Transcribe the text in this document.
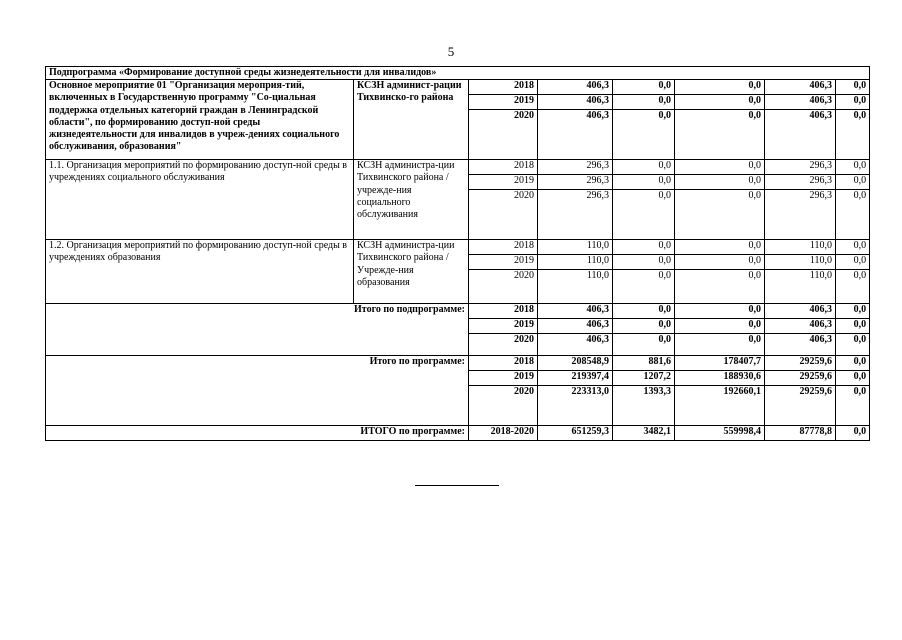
5
Подпрограмма «Формирование доступной среды жизнедеятельности для инвалидов»							
Основное мероприятие 01 "Организация мероприя-тий, включенных в Государственную программу "Со-циальная поддержка отдельных категорий граждан в Ленинградской области", по формированию доступ-ной среды жизнедеятельности для инвалидов в учреж-дениях социального обслуживания, образования"	КСЗН админист-рации Тихвинско-го района	2018	406,3	0,0	0,0	406,3	0,0
		2019	406,3	0,0	0,0	406,3	0,0
		2020	406,3	0,0	0,0	406,3	0,0
1.1. Организация мероприятий по формированию доступ-ной среды в учреждениях социального обслуживания	КСЗН администра-ции Тихвинского района / учрежде-ния социального обслуживания	2018	296,3	0,0	0,0	296,3	0,0
		2019	296,3	0,0	0,0	296,3	0,0
		2020	296,3	0,0	0,0	296,3	0,0
1.2. Организация мероприятий по формированию доступ-ной среды в учреждениях образования	КСЗН администра-ции Тихвинского района / Учрежде-ния образования	2018	110,0	0,0	0,0	110,0	0,0
		2019	110,0	0,0	0,0	110,0	0,0
		2020	110,0	0,0	0,0	110,0	0,0
Итого по подпрограмме:		2018	406,3	0,0	0,0	406,3	0,0
		2019	406,3	0,0	0,0	406,3	0,0
		2020	406,3	0,0	0,0	406,3	0,0
Итого по программе:		2018	208548,9	881,6	178407,7	29259,6	0,0
		2019	219397,4	1207,2	188930,6	29259,6	0,0
		2020	223313,0	1393,3	192660,1	29259,6	0,0
ИТОГО по программе:		2018-2020	651259,3	3482,1	559998,4	87778,8	0,0
